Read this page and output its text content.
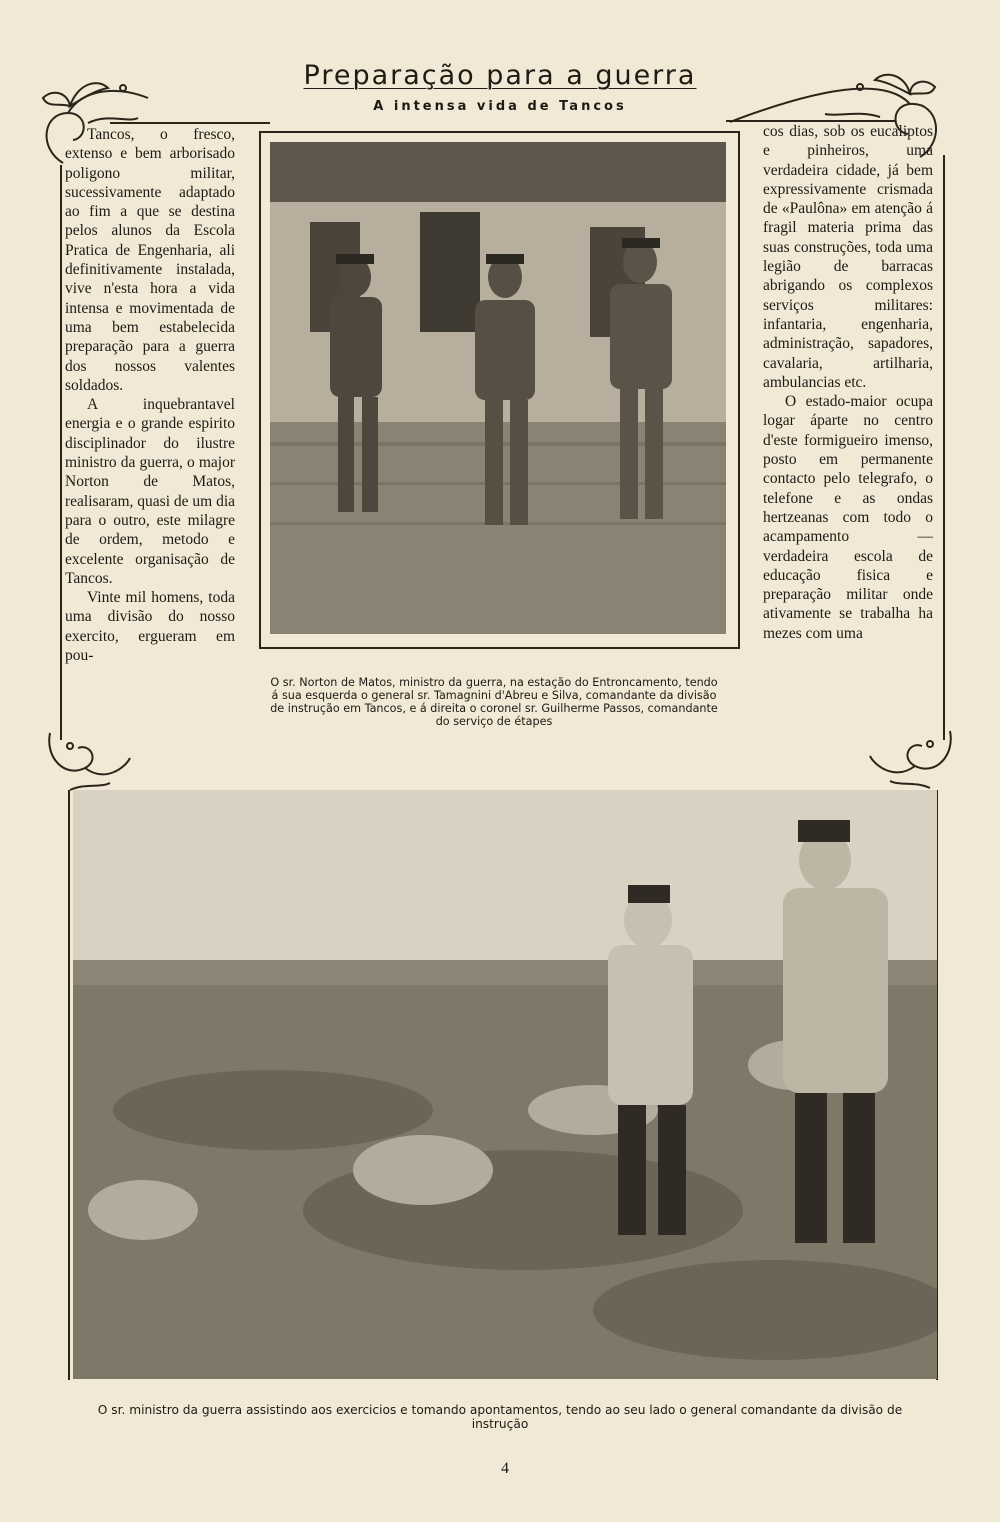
Preparação para a guerra
A intensa vida de Tancos

Tancos, o fresco, extenso e bem arborisado poligono militar, sucessivamente adaptado ao fim a que se destina pelos alunos da Escola Pratica de Engenharia, ali definitivamente instalada, vive n'esta hora a vida intensa e movimentada de uma bem estabelecida preparação para a guerra dos nossos valentes soldados.

A inquebrantavel energia e o grande espirito disciplinador do ilustre ministro da guerra, o major Norton de Matos, realisaram, quasi de um dia para o outro, este milagre de ordem, metodo e excelente organisação de Tancos.

Vinte mil homens, toda uma divisão do nosso exercito, ergueram em pou-

cos dias, sob os eucaliptos e pinheiros, uma verdadeira cidade, já bem expressivamente crismada de «Paulôna» em atenção á fragil materia prima das suas construções, toda uma legião de barracas abrigando os complexos serviços militares: infantaria, engenharia, administração, sapadores, cavalaria, artilharia, ambulancias etc.

O estado-maior ocupa logar áparte no centro d'este formigueiro imenso, posto em permanente contacto pelo telegrafo, o telefone e as ondas hertzeanas com todo o acampamento — verdadeira escola de educação fisica e preparação militar onde ativamente se trabalha ha mezes com uma

O sr. Norton de Matos, ministro da guerra, na estação do Entroncamento, tendo á sua esquerda o general sr. Tamagnini d'Abreu e Silva, comandante da divisão de instrução em Tancos, e á direita o coronel sr. Guilherme Passos, comandante do serviço de étapes
O sr. ministro da guerra assistindo aos exercicios e tomando apontamentos, tendo ao seu lado o general comandante da divisão de instrução
4
